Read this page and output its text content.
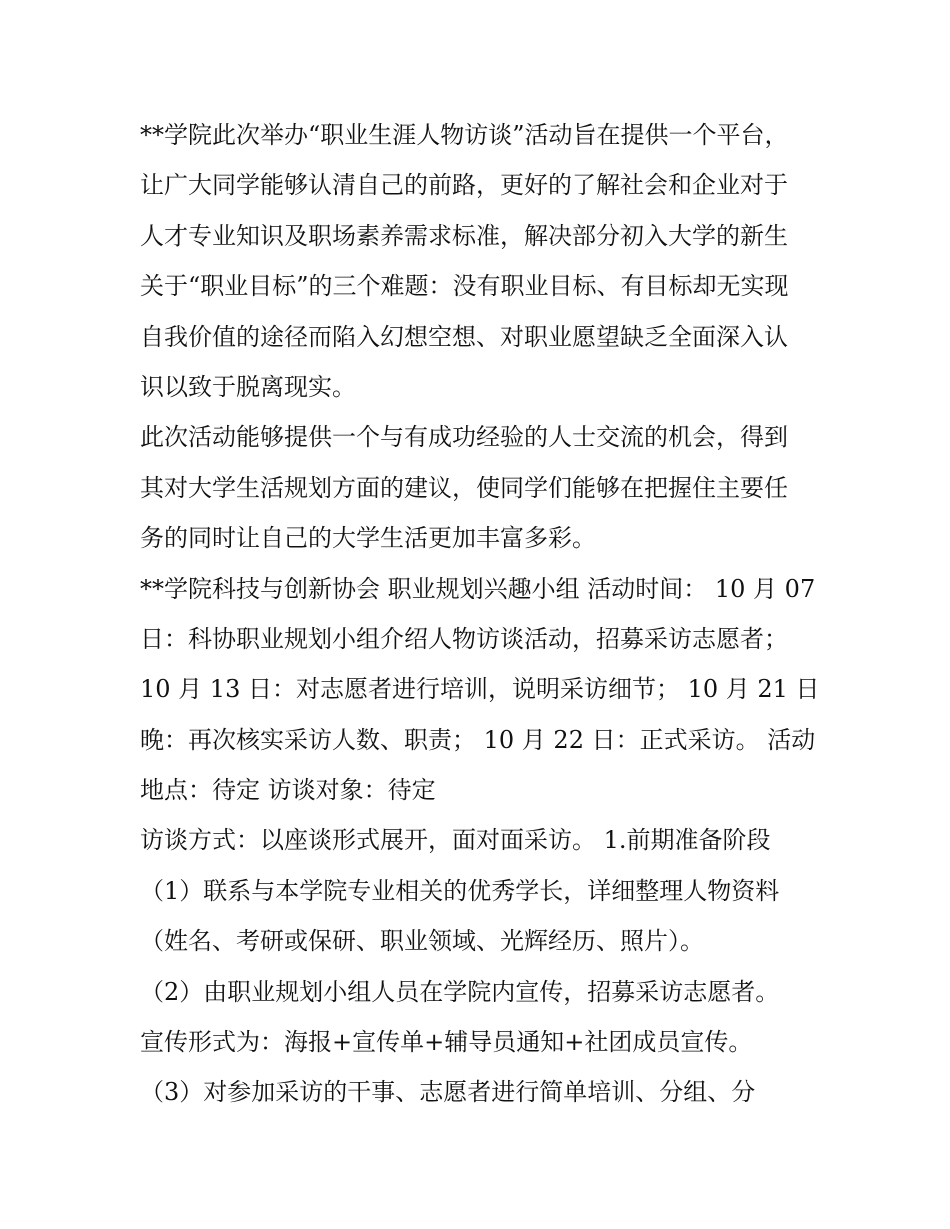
**学院此次举办“职业生涯人物访谈”活动旨在提供一个平台，
让广大同学能够认清自己的前路，更好的了解社会和企业对于
人才专业知识及职场素养需求标准，解决部分初入大学的新生
关于“职业目标”的三个难题：没有职业目标、有目标却无实现
自我价值的途径而陷入幻想空想、对职业愿望缺乏全面深入认
识以致于脱离现实。
此次活动能够提供一个与有成功经验的人士交流的机会，得到
其对大学生活规划方面的建议，使同学们能够在把握住主要任
务的同时让自己的大学生活更加丰富多彩。
**学院科技与创新协会 职业规划兴趣小组 活动时间： 10 月 07
日：科协职业规划小组介绍人物访谈活动，招募采访志愿者；
10 月 13 日：对志愿者进行培训，说明采访细节； 10 月 21 日
晚：再次核实采访人数、职责； 10 月 22 日：正式采访。 活动
地点：待定 访谈对象：待定
访谈方式：以座谈形式展开，面对面采访。 1.前期准备阶段
（1）联系与本学院专业相关的优秀学长，详细整理人物资料
（姓名、考研或保研、职业领域、光辉经历、照片）。
（2）由职业规划小组人员在学院内宣传，招募采访志愿者。
宣传形式为：海报+宣传单+辅导员通知+社团成员宣传。
（3）对参加采访的干事、志愿者进行简单培训、分组、分
